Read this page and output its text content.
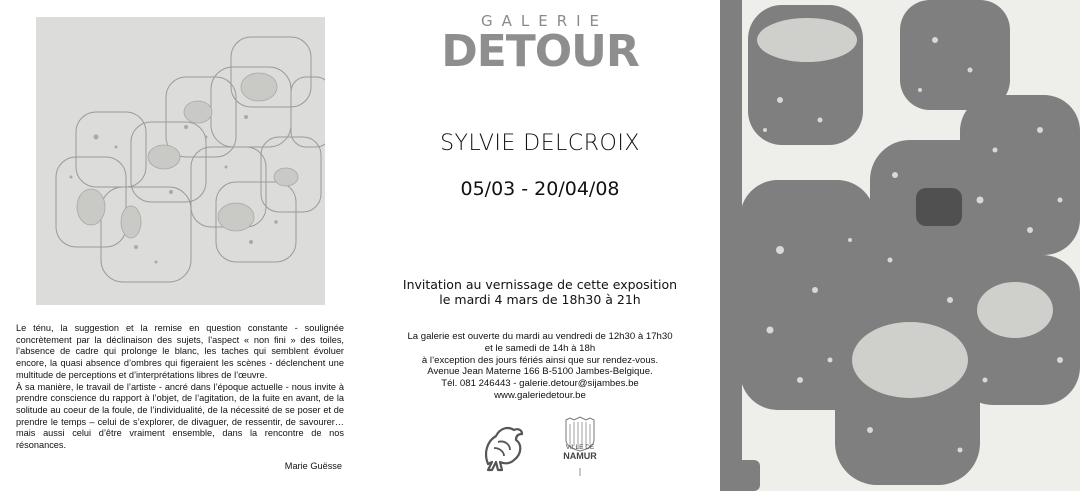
Le ténu, la suggestion et la remise en question constante - soulignée concrètement par la déclinaison des sujets, l’aspect « non fini » des toiles, l’absence de cadre qui prolonge le blanc, les taches qui semblent évoluer encore, la quasi absence d’ombres qui figeraient les scènes - déclenchent une multitude de perceptions et d’interprétations libres de l’œuvre.

À sa manière, le travail de l’artiste - ancré dans l’époque actuelle - nous invite à prendre conscience du rapport à l’objet, de l’agitation, de la fuite en avant, de la solitude au coeur de la foule, de l’individualité, de la nécessité de se poser et de prendre le temps – celui de s’explorer, de divaguer, de ressentir, de savourer… mais aussi celui d’être vraiment ensemble, dans la rencontre de nos résonances.

Marie Guësse
GALERIE
DETOUR
SYLVIE DELCROIX
05/03 - 20/04/08
Invitation au vernissage de cette exposition
le mardi 4 mars de 18h30 à 21h
La galerie est ouverte du mardi au vendredi de 12h30 à 17h30
et le samedi de 14h à 18h
à l’exception des jours fériés ainsi que sur rendez-vous.
Avenue Jean Materne 166 B-5100 Jambes-Belgique.
Tél. 081 246443 - galerie.detour@sijambes.be
www.galeriedetour.be
VILLE DE
NAMUR
